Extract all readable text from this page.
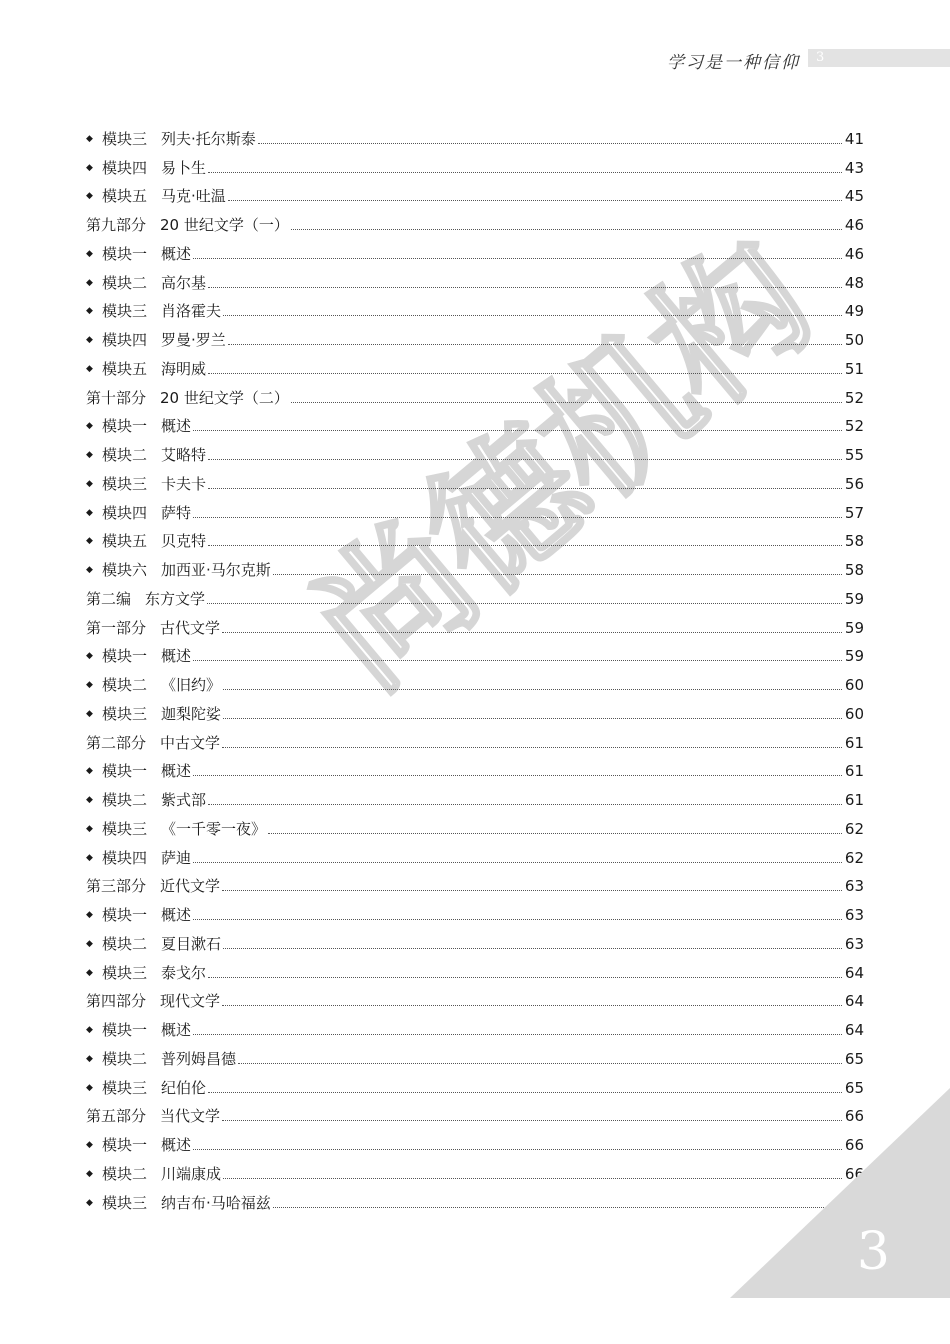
学习是一种信仰 3
尚德机构
◆ 模块三 列夫·托尔斯泰	41
◆ 模块四 易卜生	43
◆ 模块五 马克·吐温	45
第九部分 20 世纪文学（一）	46
◆ 模块一 概述	46
◆ 模块二 高尔基	48
◆ 模块三 肖洛霍夫	49
◆ 模块四 罗曼·罗兰	50
◆ 模块五 海明威	51
第十部分 20 世纪文学（二）	52
◆ 模块一 概述	52
◆ 模块二 艾略特	55
◆ 模块三 卡夫卡	56
◆ 模块四 萨特	57
◆ 模块五 贝克特	58
◆ 模块六 加西亚·马尔克斯	58
第二编 东方文学	59
第一部分 古代文学	59
◆ 模块一 概述	59
◆ 模块二 《旧约》	60
◆ 模块三 迦梨陀娑	60
第二部分 中古文学	61
◆ 模块一 概述	61
◆ 模块二 紫式部	61
◆ 模块三 《一千零一夜》	62
◆ 模块四 萨迪	62
第三部分 近代文学	63
◆ 模块一 概述	63
◆ 模块二 夏目漱石	63
◆ 模块三 泰戈尔	64
第四部分 现代文学	64
◆ 模块一 概述	64
◆ 模块二 普列姆昌德	65
◆ 模块三 纪伯伦	65
第五部分 当代文学	66
◆ 模块一 概述	66
◆ 模块二 川端康成	66
◆ 模块三 纳吉布·马哈福兹	67
3
